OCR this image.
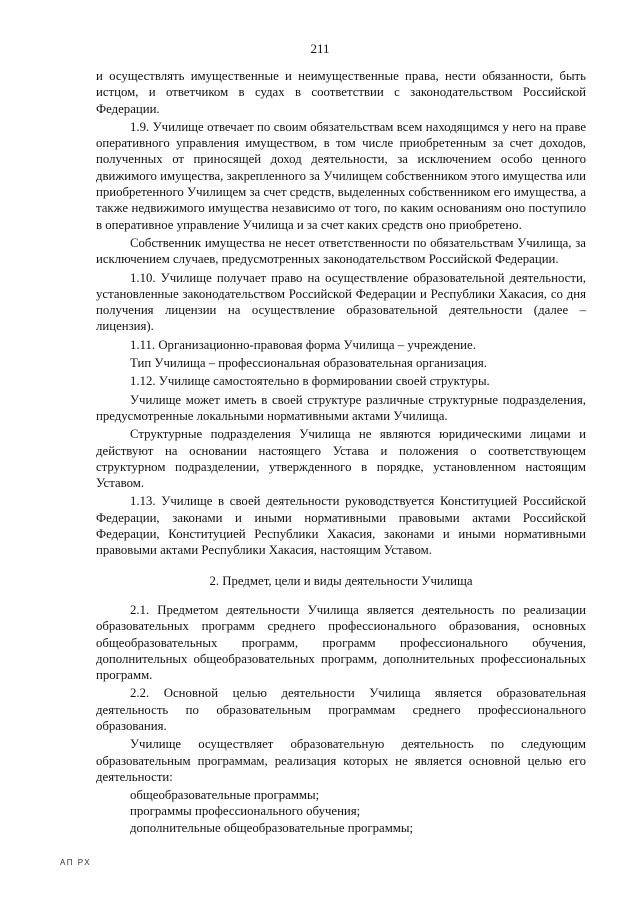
211

и осуществлять имущественные и неимущественные права, нести обязанности, быть истцом, и ответчиком в судах в соответствии с законодательством Российской Федерации.

1.9. Училище отвечает по своим обязательствам всем находящимся у него на праве оперативного управления имуществом, в том числе приобретенным за счет доходов, полученных от приносящей доход деятельности, за исключением особо ценного движимого имущества, закрепленного за Училищем собственником этого имущества или приобретенного Училищем за счет средств, выделенных собственником его имущества, а также недвижимого имущества независимо от того, по каким основаниям оно поступило в оперативное управление Училища и за счет каких средств оно приобретено.

Собственник имущества не несет ответственности по обязательствам Училища, за исключением случаев, предусмотренных законодательством Российской Федерации.

1.10. Училище получает право на осуществление образовательной деятельности, установленные законодательством Российской Федерации и Республики Хакасия, со дня получения лицензии на осуществление образовательной деятельности (далее – лицензия).

1.11. Организационно-правовая форма Училища – учреждение.

Тип Училища – профессиональная образовательная организация.

1.12. Училище самостоятельно в формировании своей структуры.

Училище может иметь в своей структуре различные структурные подразделения, предусмотренные локальными нормативными актами Училища.

Структурные подразделения Училища не являются юридическими лицами и действуют на основании настоящего Устава и положения о соответствующем структурном подразделении, утвержденного в порядке, установленном настоящим Уставом.

1.13. Училище в своей деятельности руководствуется Конституцией Российской Федерации, законами и иными нормативными правовыми актами Российской Федерации, Конституцией Республики Хакасия, законами и иными нормативными правовыми актами Республики Хакасия, настоящим Уставом.

2. Предмет, цели и виды деятельности Училища

2.1. Предметом деятельности Училища является деятельность по реализации образовательных программ среднего профессионального образования, основных общеобразовательных программ, программ профессионального обучения, дополнительных общеобразовательных программ, дополнительных профессиональных программ.

2.2. Основной целью деятельности Училища является образовательная деятельность по образовательным программам среднего профессионального образования.

Училище осуществляет образовательную деятельность по следующим образовательным программам, реализация которых не является основной целью его деятельности:

общеобразовательные программы;

программы профессионального обучения;

дополнительные общеобразовательные программы;

АП РХ
